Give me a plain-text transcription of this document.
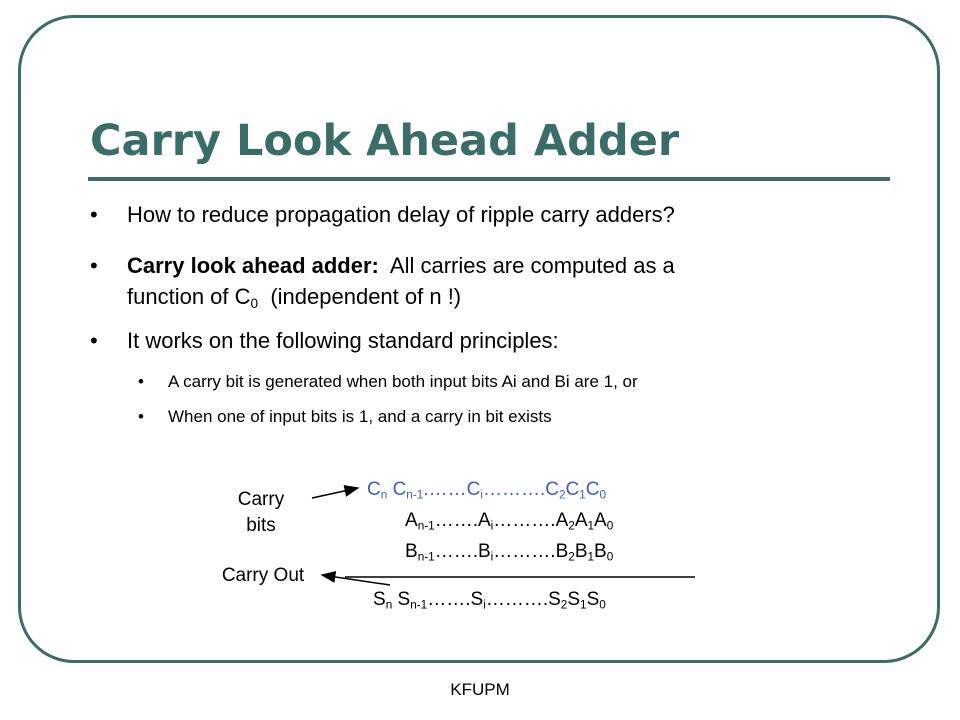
Carry Look Ahead Adder
• How to reduce propagation delay of ripple carry adders?
• Carry look ahead adder: All carries are computed as a
function of $C_0$ (independent of n !)
• It works on the following standard principles:
• A carry bit is generated when both input bits Ai and Bi are 1, or
• When one of input bits is 1, and a carry in bit exists
Carry
bits
Carry Out
$C_n$ $C_{n-1}.\dots\dots C_i\dots\dots\dots.C_2C_1C_0$
$A_{n-1}\dots\dots.A_i\dots\dots\dots.A_2A_1A_0$
$B_{n-1}\dots\dots.B_i\dots\dots\dots.B_2B_1B_0$
$S_n$ $S_{n-1}\dots\dots.S_i\dots\dots\dots.S_2S_1S_0$
KFUPM
